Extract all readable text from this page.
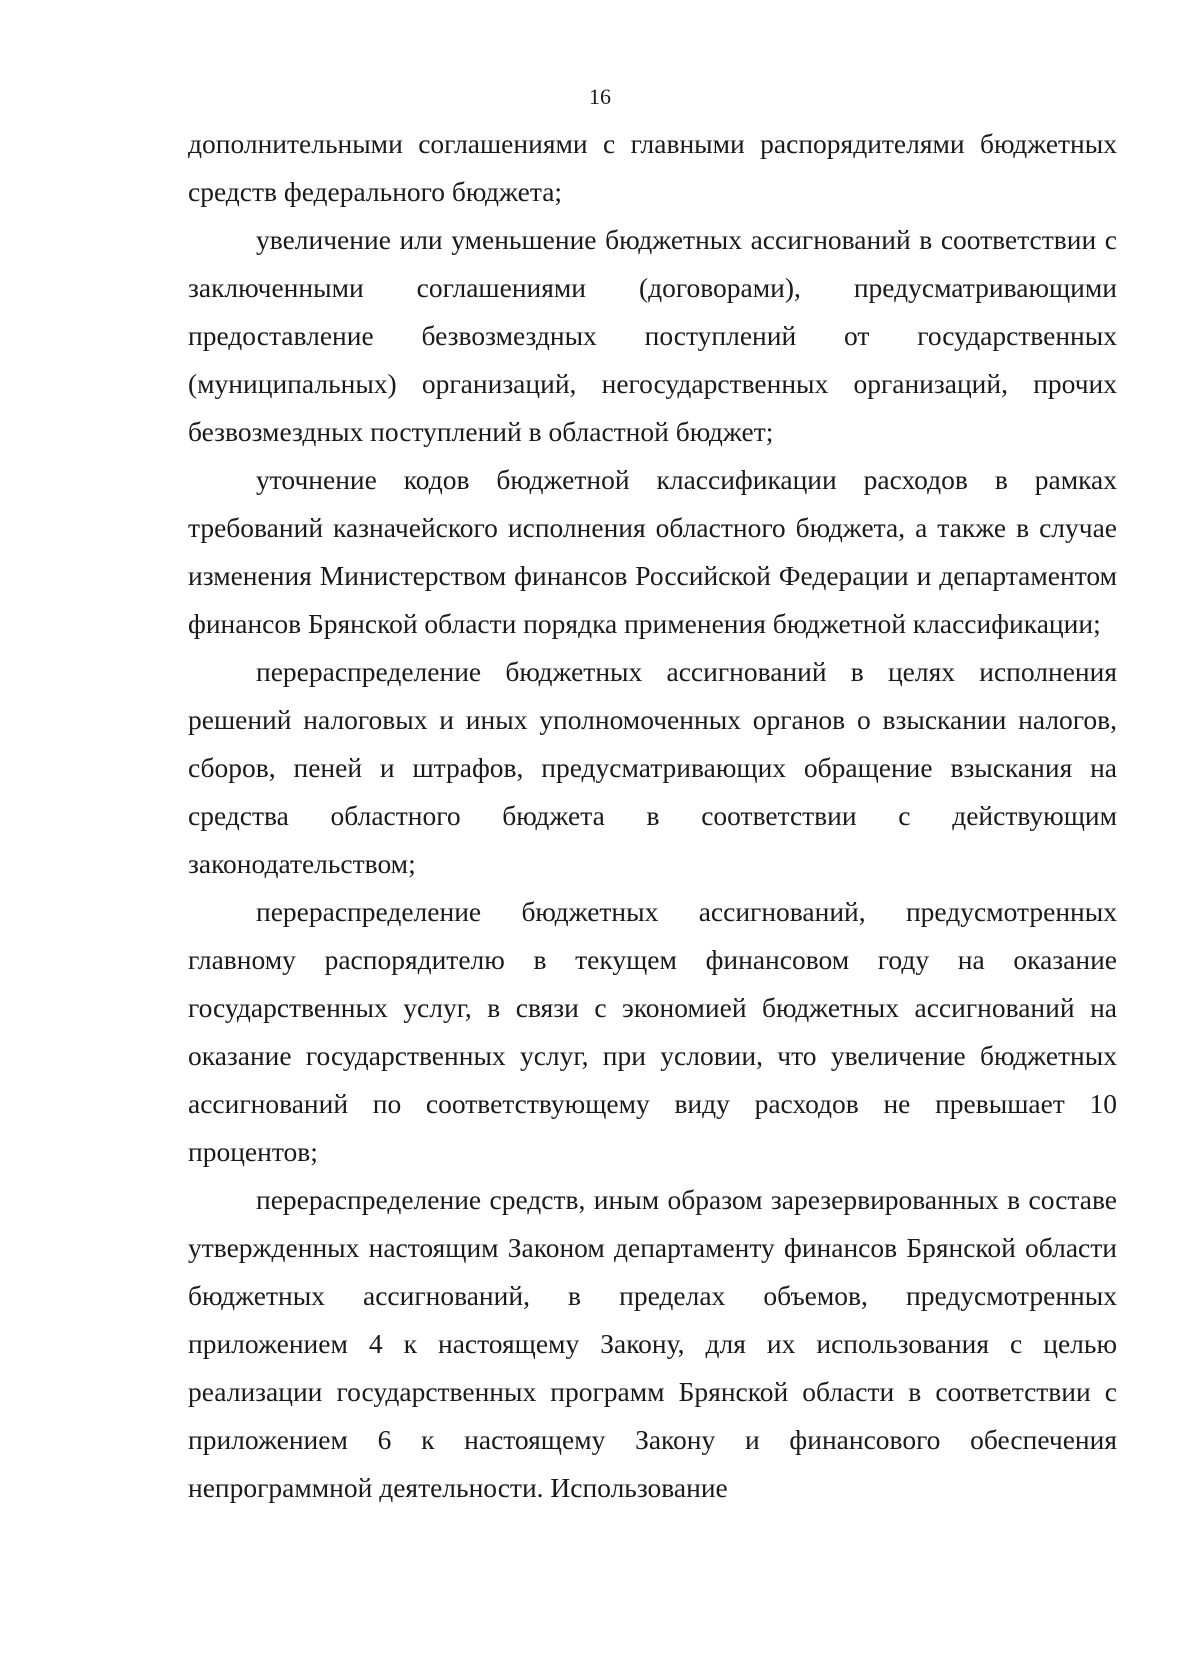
16

дополнительными соглашениями с главными распорядителями бюджетных средств федерального бюджета;

увеличение или уменьшение бюджетных ассигнований в соответствии с заключенными соглашениями (договорами), предусматривающими предоставление безвозмездных поступлений от государственных (муниципальных) организаций, негосударственных организаций, прочих безвозмездных поступлений в областной бюджет;

уточнение кодов бюджетной классификации расходов в рамках требований казначейского исполнения областного бюджета, а также в случае изменения Министерством финансов Российской Федерации и департаментом финансов Брянской области порядка применения бюджетной классификации;

перераспределение бюджетных ассигнований в целях исполнения решений налоговых и иных уполномоченных органов о взыскании налогов, сборов, пеней и штрафов, предусматривающих обращение взыскания на средства областного бюджета в соответствии с действующим законодательством;

перераспределение бюджетных ассигнований, предусмотренных главному распорядителю в текущем финансовом году на оказание государственных услуг, в связи с экономией бюджетных ассигнований на оказание государственных услуг, при условии, что увеличение бюджетных ассигнований по соответствующему виду расходов не превышает 10 процентов;

перераспределение средств, иным образом зарезервированных в составе утвержденных настоящим Законом департаменту финансов Брянской области бюджетных ассигнований, в пределах объемов, предусмотренных приложением 4 к настоящему Закону, для их использования с целью реализации государственных программ Брянской области в соответствии с приложением 6 к настоящему Закону и финансового обеспечения непрограммной деятельности. Использование
